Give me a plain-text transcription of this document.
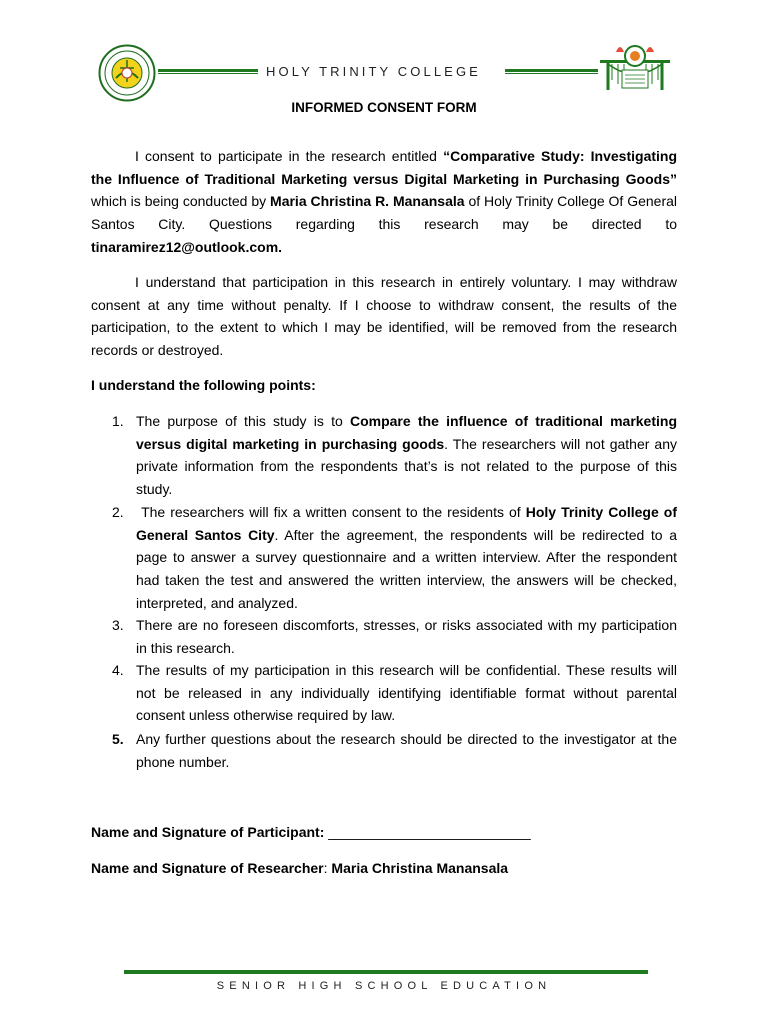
HOLY TRINITY COLLEGE
INFORMED CONSENT FORM
I consent to participate in the research entitled “Comparative Study: Investigating the Influence of Traditional Marketing versus Digital Marketing in Purchasing Goods” which is being conducted by Maria Christina R. Manansala of Holy Trinity College Of General Santos City. Questions regarding this research may be directed to tinaramirez12@outlook.com.
I understand that participation in this research in entirely voluntary. I may withdraw consent at any time without penalty. If I choose to withdraw consent, the results of the participation, to the extent to which I may be identified, will be removed from the research records or destroyed.
I understand the following points:
1. The purpose of this study is to Compare the influence of traditional marketing versus digital marketing in purchasing goods. The researchers will not gather any private information from the respondents that’s is not related to the purpose of this study.
2. The researchers will fix a written consent to the residents of Holy Trinity College of General Santos City. After the agreement, the respondents will be redirected to a page to answer a survey questionnaire and a written interview. After the respondent had taken the test and answered the written interview, the answers will be checked, interpreted, and analyzed.
3. There are no foreseen discomforts, stresses, or risks associated with my participation in this research.
4. The results of my participation in this research will be confidential. These results will not be released in any individually identifying identifiable format without parental consent unless otherwise required by law.
5. Any further questions about the research should be directed to the investigator at the phone number.
Name and Signature of Participant: __________________________
Name and Signature of Researcher: Maria Christina Manansala
SENIOR HIGH SCHOOL EDUCATION
